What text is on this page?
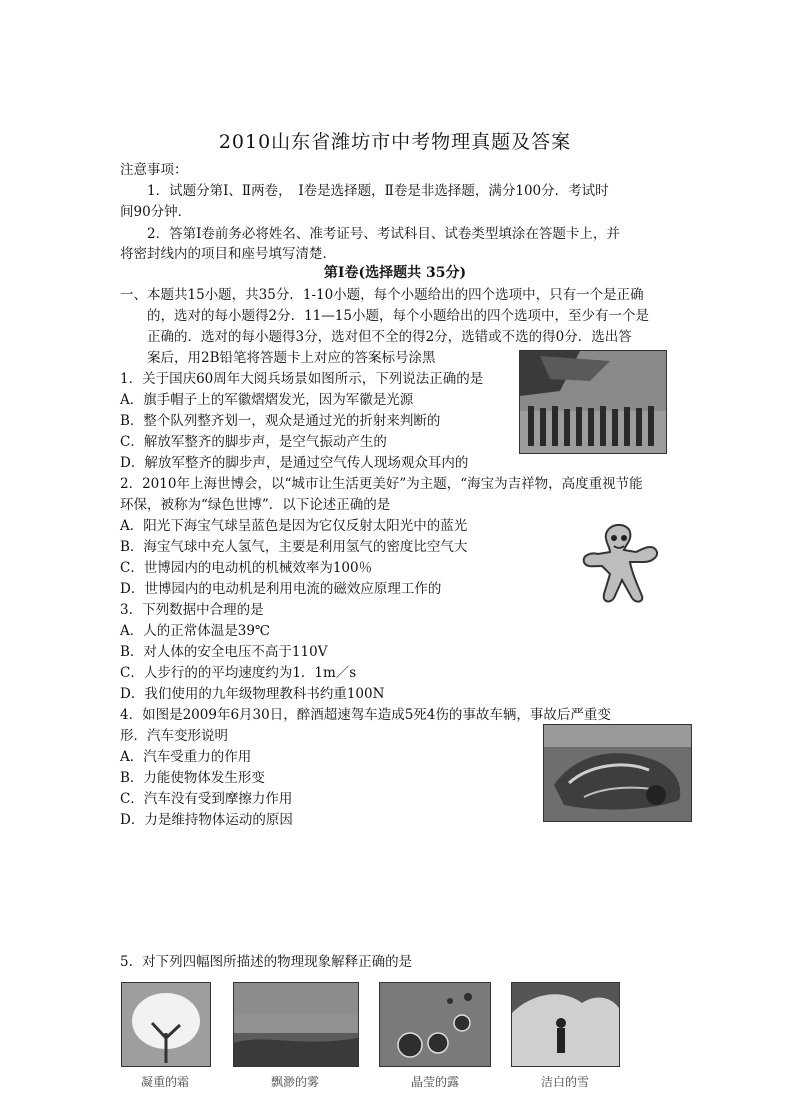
2010山东省潍坊市中考物理真题及答案
注意事项：
1．试题分第Ⅰ、Ⅱ两卷，　Ⅰ卷是选择题，Ⅱ卷是非选择题，满分100分．考试时
间90分钟．
2．答第Ⅰ卷前务必将姓名、准考证号、考试科目、试卷类型填涂在答题卡上，并
将密封线内的项目和座号填写清楚．
第Ⅰ卷(选择题共 35分)
一、本题共15小题，共35分．1-10小题，每个小题给出的四个选项中，只有一个是正确
的，选对的每小题得2分．11—15小题，每个小题给出的四个选项中，至少有一个是
正确的．选对的每小题得3分，选对但不全的得2分，选错或不选的得0分．选出答
案后，用2B铅笔将答题卡上对应的答案标号涂黑
1．关于国庆60周年大阅兵场景如图所示，下列说法正确的是
A．旗手帽子上的军徽熠熠发光，因为军徽是光源
B．整个队列整齐划一，观众是通过光的折射来判断的
C．解放军整齐的脚步声，是空气振动产生的
D．解放军整齐的脚步声，是通过空气传人现场观众耳内的
2．2010年上海世博会，以“城市让生活更美好”为主题，“海宝为吉祥物，高度重视节能
环保，被称为“绿色世博”．以下论述正确的是
A．阳光下海宝气球呈蓝色是因为它仅反射太阳光中的蓝光
B．海宝气球中充人氢气，主要是利用氢气的密度比空气大
C．世博园内的电动机的机械效率为100％
D．世博园内的电动机是利用电流的磁效应原理工作的
3．下列数据中合理的是
A．人的正常体温是39℃
B．对人体的安全电压不高于110V
C．人步行的的平均速度约为1．1m／s
D．我们使用的九年级物理教科书约重100N
4．如图是2009年6月30日，醉酒超速驾车造成5死4伤的事故车辆，事故后严重变
形．汽车变形说明
A．汽车受重力的作用
B．力能使物体发生形变
C．汽车没有受到摩擦力作用
D．力是维持物体运动的原因
5．对下列四幅图所描述的物理现象解释正确的是
凝重的霜	飘渺的雾	晶莹的露	洁白的雪
